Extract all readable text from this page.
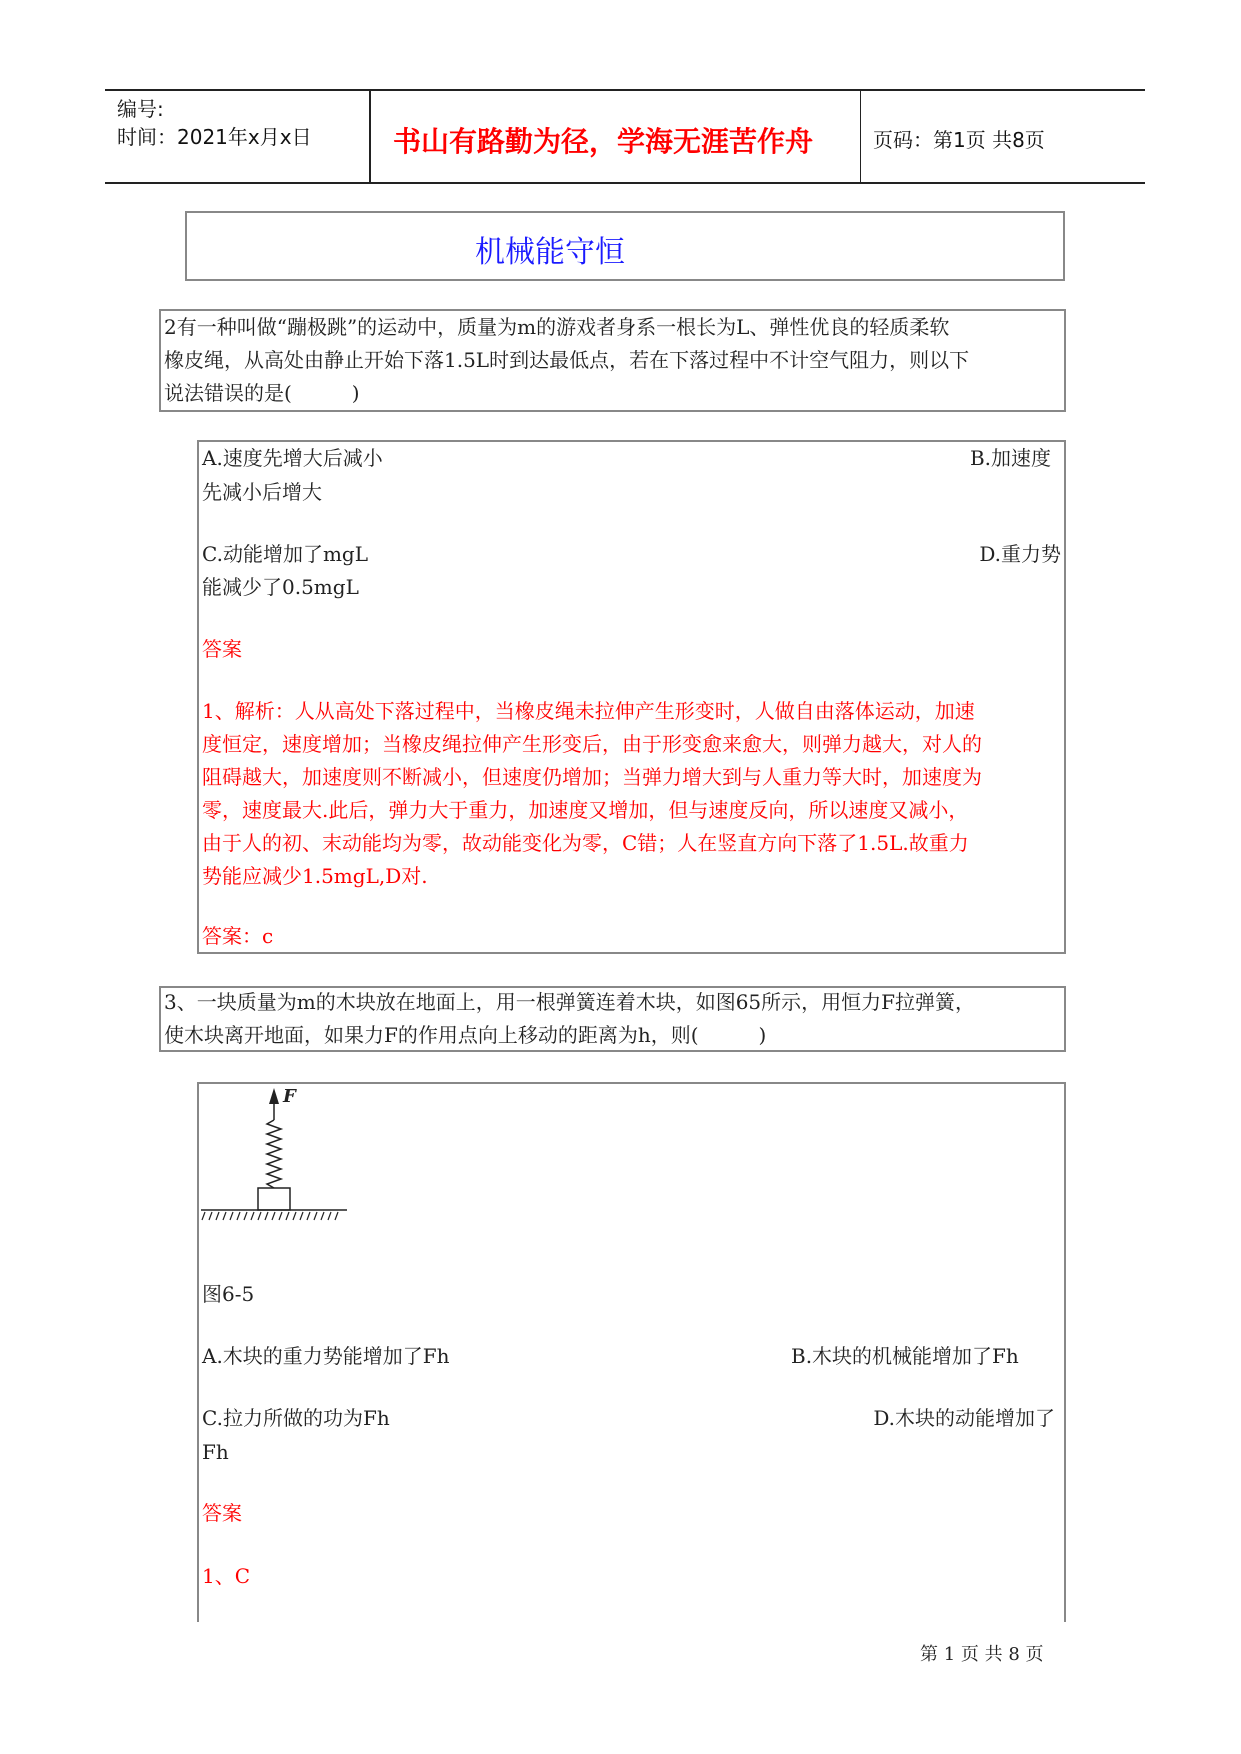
编号:
时间：2021年x月x日	书山有路勤为径，学海无涯苦作舟	页码：第1页 共8页
机械能守恒
2有一种叫做“蹦极跳”的运动中，质量为m的游戏者身系一根长为L、弹性优良的轻质柔软
橡皮绳，从高处由静止开始下落1.5L时到达最低点，若在下落过程中不计空气阻力，则以下
说法错误的是(　　　)
A.速度先增大后减小	B.加速度
先减小后增大
C.动能增加了mgL	D.重力势
能减少了0.5mgL
答案
1、解析：人从高处下落过程中，当橡皮绳未拉伸产生形变时，人做自由落体运动，加速
度恒定，速度增加；当橡皮绳拉伸产生形变后，由于形变愈来愈大，则弹力越大，对人的
阻碍越大，加速度则不断减小，但速度仍增加；当弹力增大到与人重力等大时，加速度为
零，速度最大.此后，弹力大于重力，加速度又增加，但与速度反向，所以速度又减小，
由于人的初、末动能均为零，故动能变化为零，C错；人在竖直方向下落了1.5L.故重力
势能应减少1.5mgL,D对.
答案：c
3、一块质量为m的木块放在地面上，用一根弹簧连着木块，如图65所示，用恒力F拉弹簧，
使木块离开地面，如果力F的作用点向上移动的距离为h，则(　　　)
F
图6-5
A.木块的重力势能增加了Fh	B.木块的机械能增加了Fh
C.拉力所做的功为Fh	D.木块的动能增加了
Fh
答案
1、C
第 1 页 共 8 页
